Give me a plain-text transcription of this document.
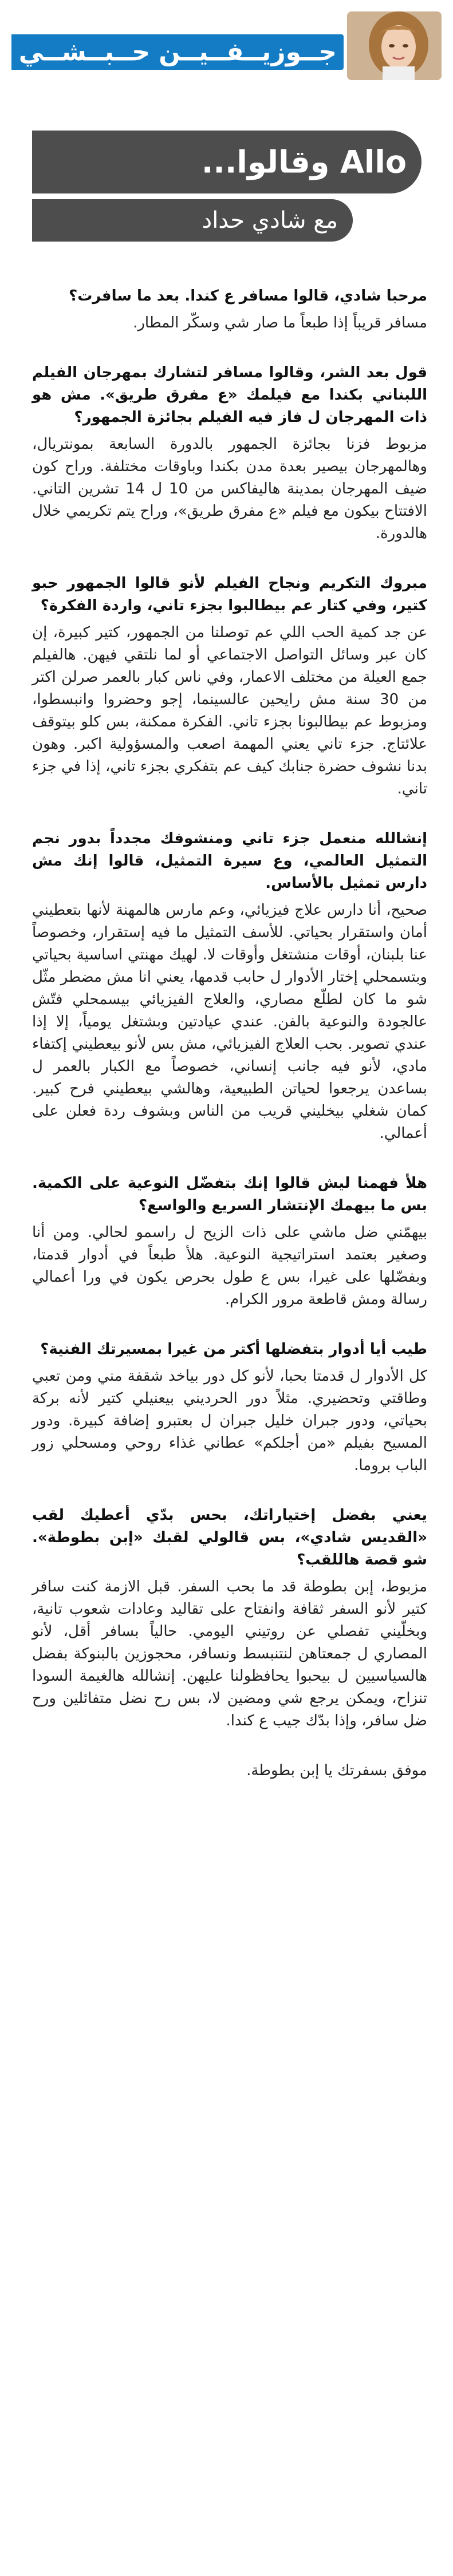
جــوزيــفــيــن حــبــشــي
Allo وقالوا...
مع شادي حداد

مرحبا شادي، قالوا مسافر ع كندا. بعد ما سافرت؟

مسافر قريباً إذا طبعاً ما صار شي وسكّر المطار.

قول بعد الشر، وقالوا مسافر لتشارك بمهرجان الفيلم اللبناني بكندا مع فيلمك «ع مفرق طريق». مش هو ذات المهرجان ل فاز فيه الفيلم بجائزة الجمهور؟

مزبوط فزنا بجائزة الجمهور بالدورة السابعة بمونتريال، وهالمهرجان بيصير بعدة مدن بكندا وباوقات مختلفة. وراح كون ضيف المهرجان بمدينة هاليفاكس من 10 ل 14 تشرين التاني. الافتتاح بيكون مع فيلم «ع مفرق طريق»، وراح يتم تكريمي خلال هالدورة.

مبروك التكريم ونجاح الفيلم لأنو قالوا الجمهور حبو كتير، وفي كتار عم بيطالبوا بجزء تاني، واردة الفكرة؟

عن جد كمية الحب اللي عم توصلنا من الجمهور، كتير كبيرة، إن كان عبر وسائل التواصل الاجتماعي أو لما نلتقي فيهن. هالفيلم جمع العيلة من مختلف الاعمار، وفي ناس كبار بالعمر صرلن اكتر من 30 سنة مش رايحين عالسينما، إجو وحضروا وانبسطوا، ومزبوط عم بيطالبونا بجزء تاني. الفكرة ممكنة، بس كلو بيتوقف علائتاج. جزء تاني يعني المهمة اصعب والمسؤولية اكبر. وهون بدنا نشوف حضرة جنابك كيف عم بتفكري بجزء تاني، إذا في جزء تاني.

إنشالله منعمل جزء تاني ومنشوفك مجدداً بدور نجم التمثيل العالمي، وع سيرة التمثيل، قالوا إنك مش دارس تمثيل بالأساس.

صحيح، أنا دارس علاج فيزيائي، وعم مارس هالمهنة لأنها بتعطيني أمان واستقرار بحياتي. للأسف التمثيل ما فيه إستقرار، وخصوصاً عنا بلبنان، أوقات منشتغل وأوقات لا. لهيك مهنتي اساسية بحياتي وبتسمحلي إختار الأدوار ل حابب قدمها، يعني انا مش مضطر مثّل شو ما كان لطلّع مصاري، والعلاج الفيزيائي بيسمحلي فتّش عالجودة والنوعية بالفن. عندي عيادتين وبشتغل يومياً، إلا إذا عندي تصوير. بحب العلاج الفيزيائي، مش بس لأنو بيعطيني إكتفاء مادي، لأنو فيه جانب إنساني، خصوصاً مع الكبار بالعمر ل بساعدن يرجعوا لحياتن الطبيعية، وهالشي بيعطيني فرح كبير. كمان شغلي بيخليني قريب من الناس وبشوف ردة فعلن على أعمالي.

هلأ فهمنا ليش قالوا إنك بتفضّل النوعية على الكمية. بس ما بيهمك الإنتشار السريع والواسع؟

بيهمّني ضل ماشي على ذات الزيح ل راسمو لحالي. ومن أنا وصغير بعتمد استراتيجية النوعية. هلأ طبعاً في أدوار قدمتا، وبفضّلها على غيرا، بس ع طول بحرص يكون في ورا أعمالي رسالة ومش قاطعة مرور الكرام.

طيب أيا أدوار بتفضلها أكتر من غيرا بمسيرتك الفنية؟

كل الأدوار ل قدمتا بحبا، لأنو كل دور بياخد شقفة مني ومن تعبي وطاقتي وتحضيري. مثلاً دور الحرديني بيعنيلي كتير لأنه بركة بحياتي، ودور جبران خليل جبران ل بعتبرو إضافة كبيرة. ودور المسيح بفيلم «من أجلكم» عطاني غذاء روحي ومسحلي زور الباب بروما.

يعني بفضل إختياراتك، بحس بدّي أعطيك لقب «القديس شادي»، بس قالولي لقبك «إبن بطوطة». شو قصة هاللقب؟

مزبوط، إبن بطوطة قد ما بحب السفر. قبل الازمة كنت سافر كتير لأنو السفر ثقافة وانفتاح على تقاليد وعادات شعوب تانية، وبخلّيني تفصلي عن روتيني اليومي. حالياً بسافر أقل، لأنو المصاري ل جمعتاهن لنتنبسط ونسافر، محجوزين بالبنوكة بفضل هالسياسيين ل بيحبوا يحافظولنا عليهن. إنشالله هالغيمة السودا تنزاح، ويمكن يرجع شي ومضين لا، بس رح نضل متفائلين ورح ضل سافر، وإذا بدّك جيب ع كندا.

موفق بسفرتك يا إبن بطوطة.
